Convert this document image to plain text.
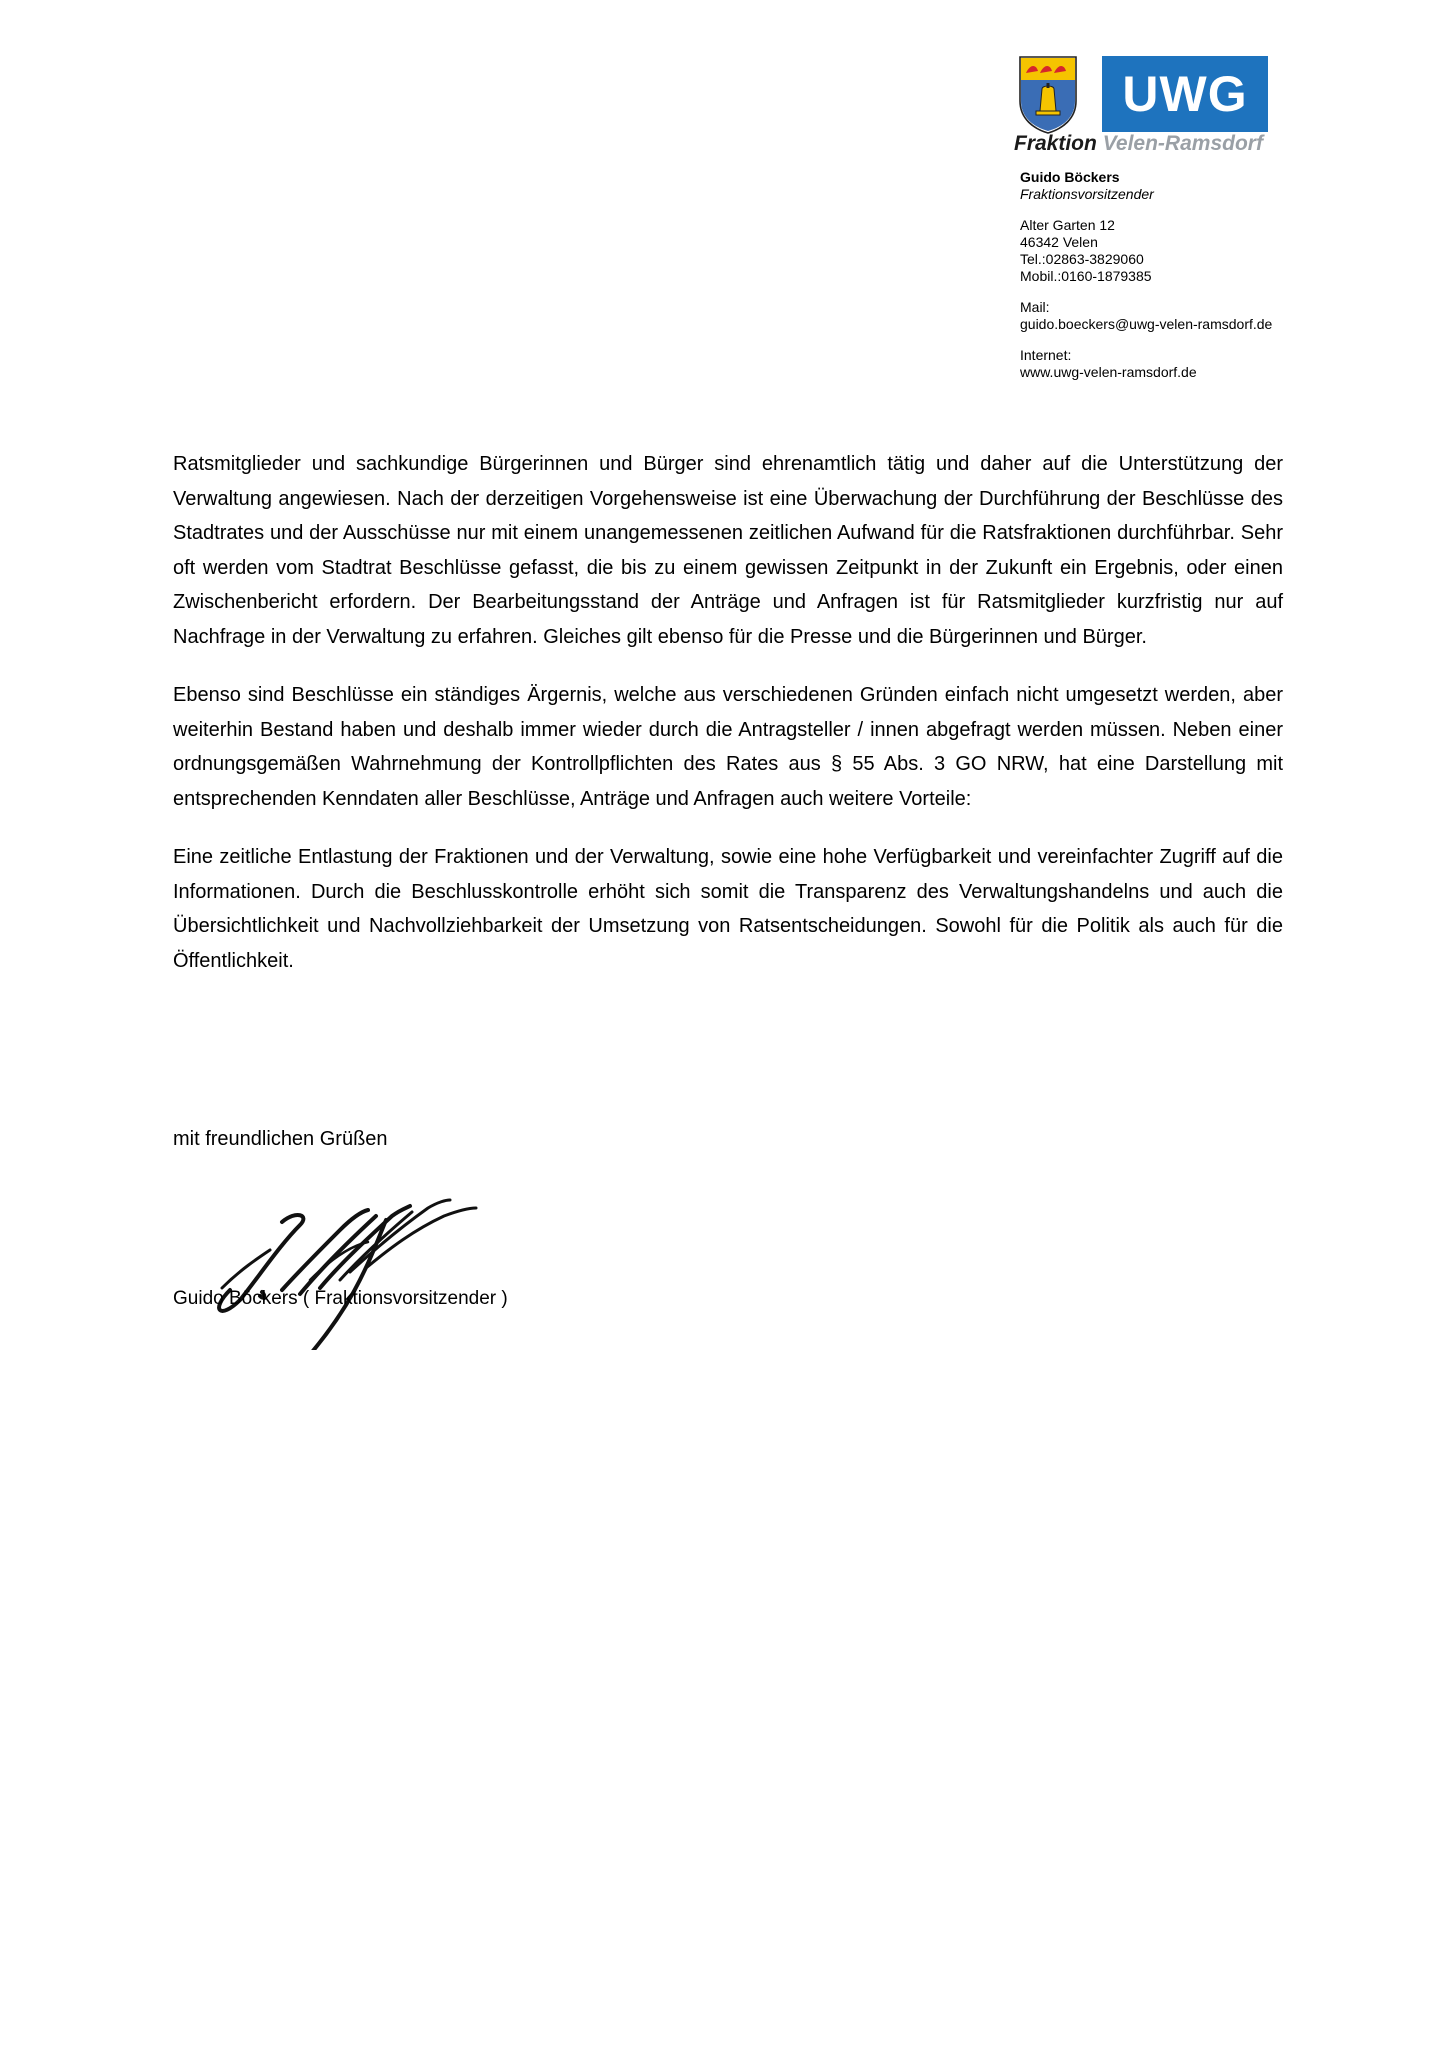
UWG
Fraktion Velen-Ramsdorf
Guido Böckers
Fraktionsvorsitzender
Alter Garten 12
46342 Velen
Tel.:02863-3829060
Mobil.:0160-1879385
Mail:
guido.boeckers@uwg-velen-ramsdorf.de
Internet:
www.uwg-velen-ramsdorf.de

Ratsmitglieder und sachkundige Bürgerinnen und Bürger sind ehrenamtlich tätig und daher auf die Unterstützung der Verwaltung angewiesen. Nach der derzeitigen Vorgehensweise ist eine Überwachung der Durchführung der Beschlüsse des Stadtrates und der Ausschüsse nur mit einem unangemessenen zeitlichen Aufwand für die Ratsfraktionen durchführbar. Sehr oft werden vom Stadtrat Beschlüsse gefasst, die bis zu einem gewissen Zeitpunkt in der Zukunft ein Ergebnis, oder einen Zwischenbericht erfordern. Der Bearbeitungsstand der Anträge und Anfragen ist für Ratsmitglieder kurzfristig nur auf Nachfrage in der Verwaltung zu erfahren. Gleiches gilt ebenso für die Presse und die Bürgerinnen und Bürger.

Ebenso sind Beschlüsse ein ständiges Ärgernis, welche aus verschiedenen Gründen einfach nicht umgesetzt werden, aber weiterhin Bestand haben und deshalb immer wieder durch die Antragsteller / innen abgefragt werden müssen. Neben einer ordnungsgemäßen Wahrnehmung der Kontrollpflichten des Rates aus § 55 Abs. 3 GO NRW, hat eine Darstellung mit entsprechenden Kenndaten aller Beschlüsse, Anträge und Anfragen auch weitere Vorteile:

Eine zeitliche Entlastung der Fraktionen und der Verwaltung, sowie eine hohe Verfügbarkeit und vereinfachter Zugriff auf die Informationen. Durch die Beschlusskontrolle erhöht sich somit die Transparenz des Verwaltungshandelns und auch die Übersichtlichkeit und Nachvollziehbarkeit der Umsetzung von Ratsentscheidungen. Sowohl für die Politik als auch für die Öffentlichkeit.

mit freundlichen Grüßen
Guido Böckers ( Fraktionsvorsitzender )
